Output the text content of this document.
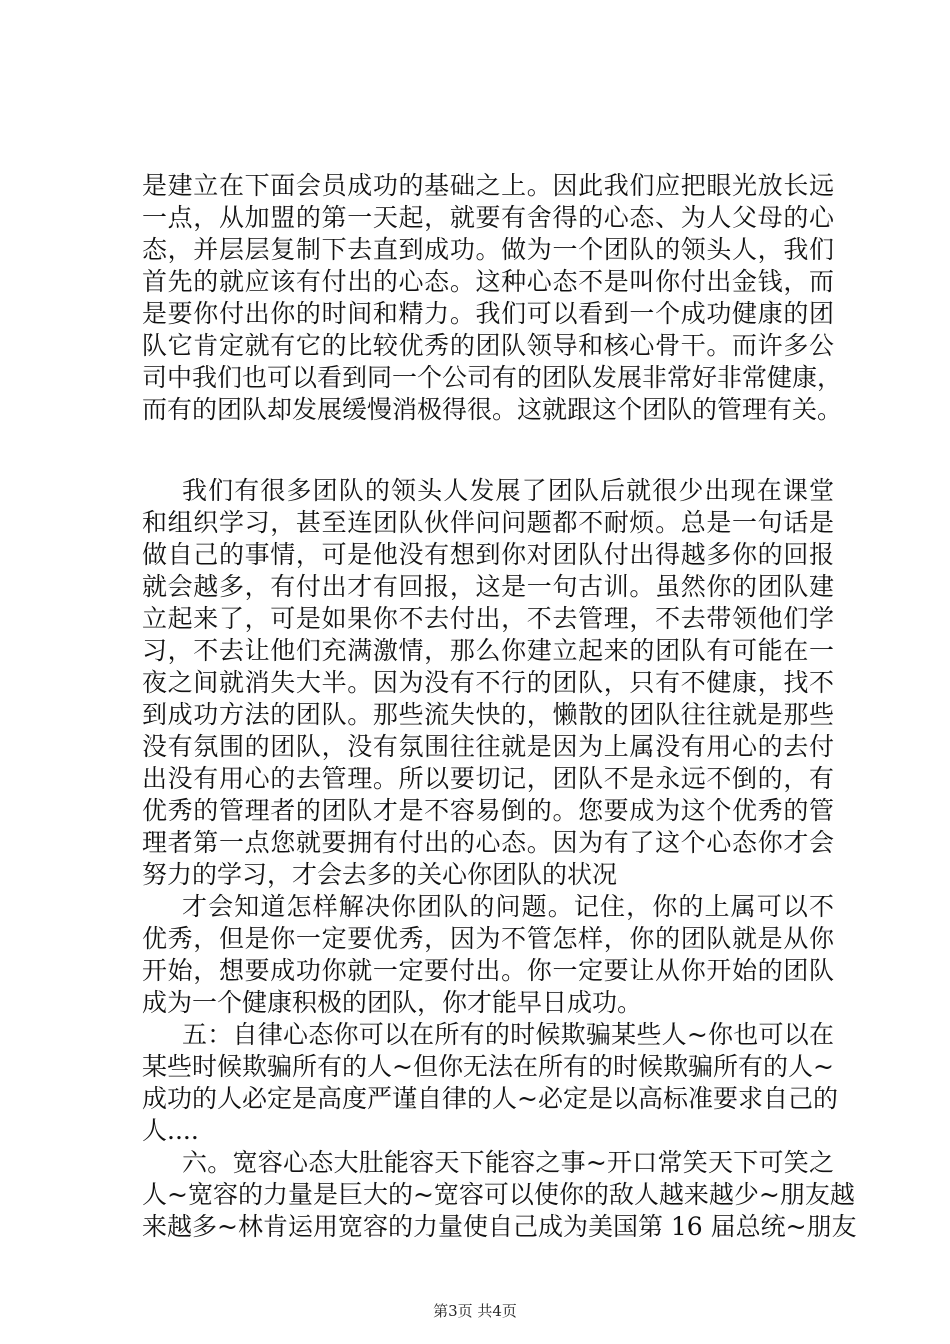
是建立在下面会员成功的基础之上。因此我们应把眼光放长远
一点，从加盟的第一天起，就要有舍得的心态、为人父母的心
态，并层层复制下去直到成功。做为一个团队的领头人，我们
首先的就应该有付出的心态。这种心态不是叫你付出金钱，而
是要你付出你的时间和精力。我们可以看到一个成功健康的团
队它肯定就有它的比较优秀的团队领导和核心骨干。而许多公
司中我们也可以看到同一个公司有的团队发展非常好非常健康，
而有的团队却发展缓慢消极得很。这就跟这个团队的管理有关。
我们有很多团队的领头人发展了团队后就很少出现在课堂
和组织学习，甚至连团队伙伴问问题都不耐烦。总是一句话是
做自己的事情，可是他没有想到你对团队付出得越多你的回报
就会越多，有付出才有回报，这是一句古训。虽然你的团队建
立起来了，可是如果你不去付出，不去管理，不去带领他们学
习，不去让他们充满激情，那么你建立起来的团队有可能在一
夜之间就消失大半。因为没有不行的团队，只有不健康，找不
到成功方法的团队。那些流失快的，懒散的团队往往就是那些
没有氛围的团队，没有氛围往往就是因为上属没有用心的去付
出没有用心的去管理。所以要切记，团队不是永远不倒的，有
优秀的管理者的团队才是不容易倒的。您要成为这个优秀的管
理者第一点您就要拥有付出的心态。因为有了这个心态你才会
努力的学习，才会去多的关心你团队的状况
才会知道怎样解决你团队的问题。记住，你的上属可以不
优秀，但是你一定要优秀，因为不管怎样，你的团队就是从你
开始，想要成功你就一定要付出。你一定要让从你开始的团队
成为一个健康积极的团队，你才能早日成功。
五：自律心态你可以在所有的时候欺骗某些人~你也可以在
某些时候欺骗所有的人~但你无法在所有的时候欺骗所有的人~
成功的人必定是高度严谨自律的人~必定是以高标准要求自己的
人....
六。宽容心态大肚能容天下能容之事~开口常笑天下可笑之
人~宽容的力量是巨大的~宽容可以使你的敌人越来越少~朋友越
来越多~林肯运用宽容的力量使自己成为美国第 16 届总统~朋友
第3页 共4页
